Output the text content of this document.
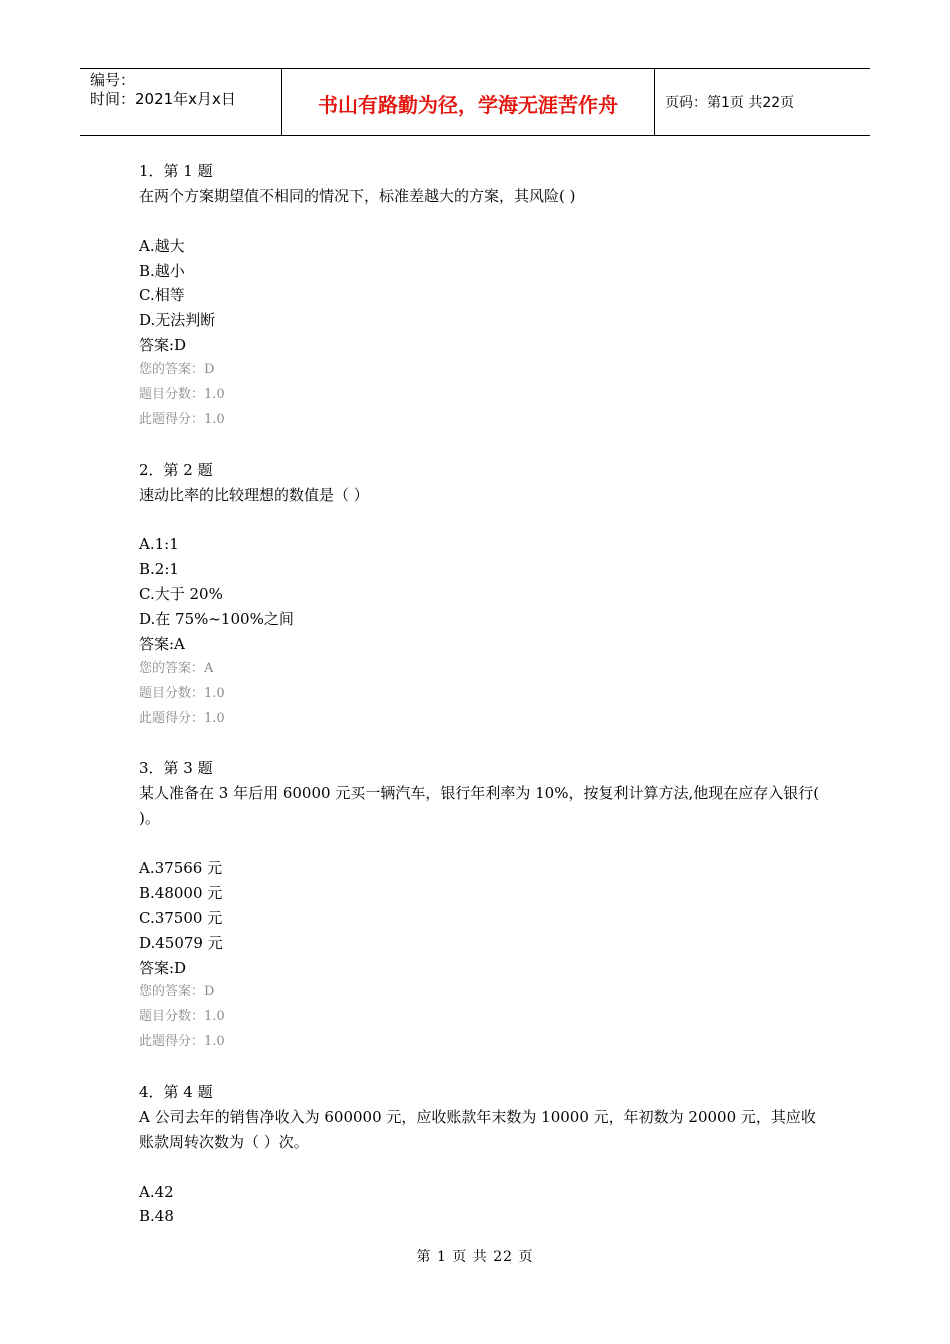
编号：
时间：2021年x月x日	书山有路勤为径，学海无涯苦作舟	页码：第1页 共22页
1．第 1 题
在两个方案期望值不相同的情况下，标准差越大的方案，其风险( )
A.越大
B.越小
C.相等
D.无法判断
答案:D
您的答案：D
题目分数：1.0
此题得分：1.0
2．第 2 题
速动比率的比较理想的数值是（ ）
A.1:1
B.2:1
C.大于 20%
D.在 75%~100%之间
答案:A
您的答案：A
题目分数：1.0
此题得分：1.0
3．第 3 题
某人准备在 3 年后用 60000 元买一辆汽车，银行年利率为 10%，按复利计算方法,他现在应存入银行( )。
A.37566 元
B.48000 元
C.37500 元
D.45079 元
答案:D
您的答案：D
题目分数：1.0
此题得分：1.0
4．第 4 题
A 公司去年的销售净收入为 600000 元，应收账款年末数为 10000 元，年初数为 20000 元，其应收账款周转次数为（ ）次。
A.42
B.48
第 1 页 共 22 页
